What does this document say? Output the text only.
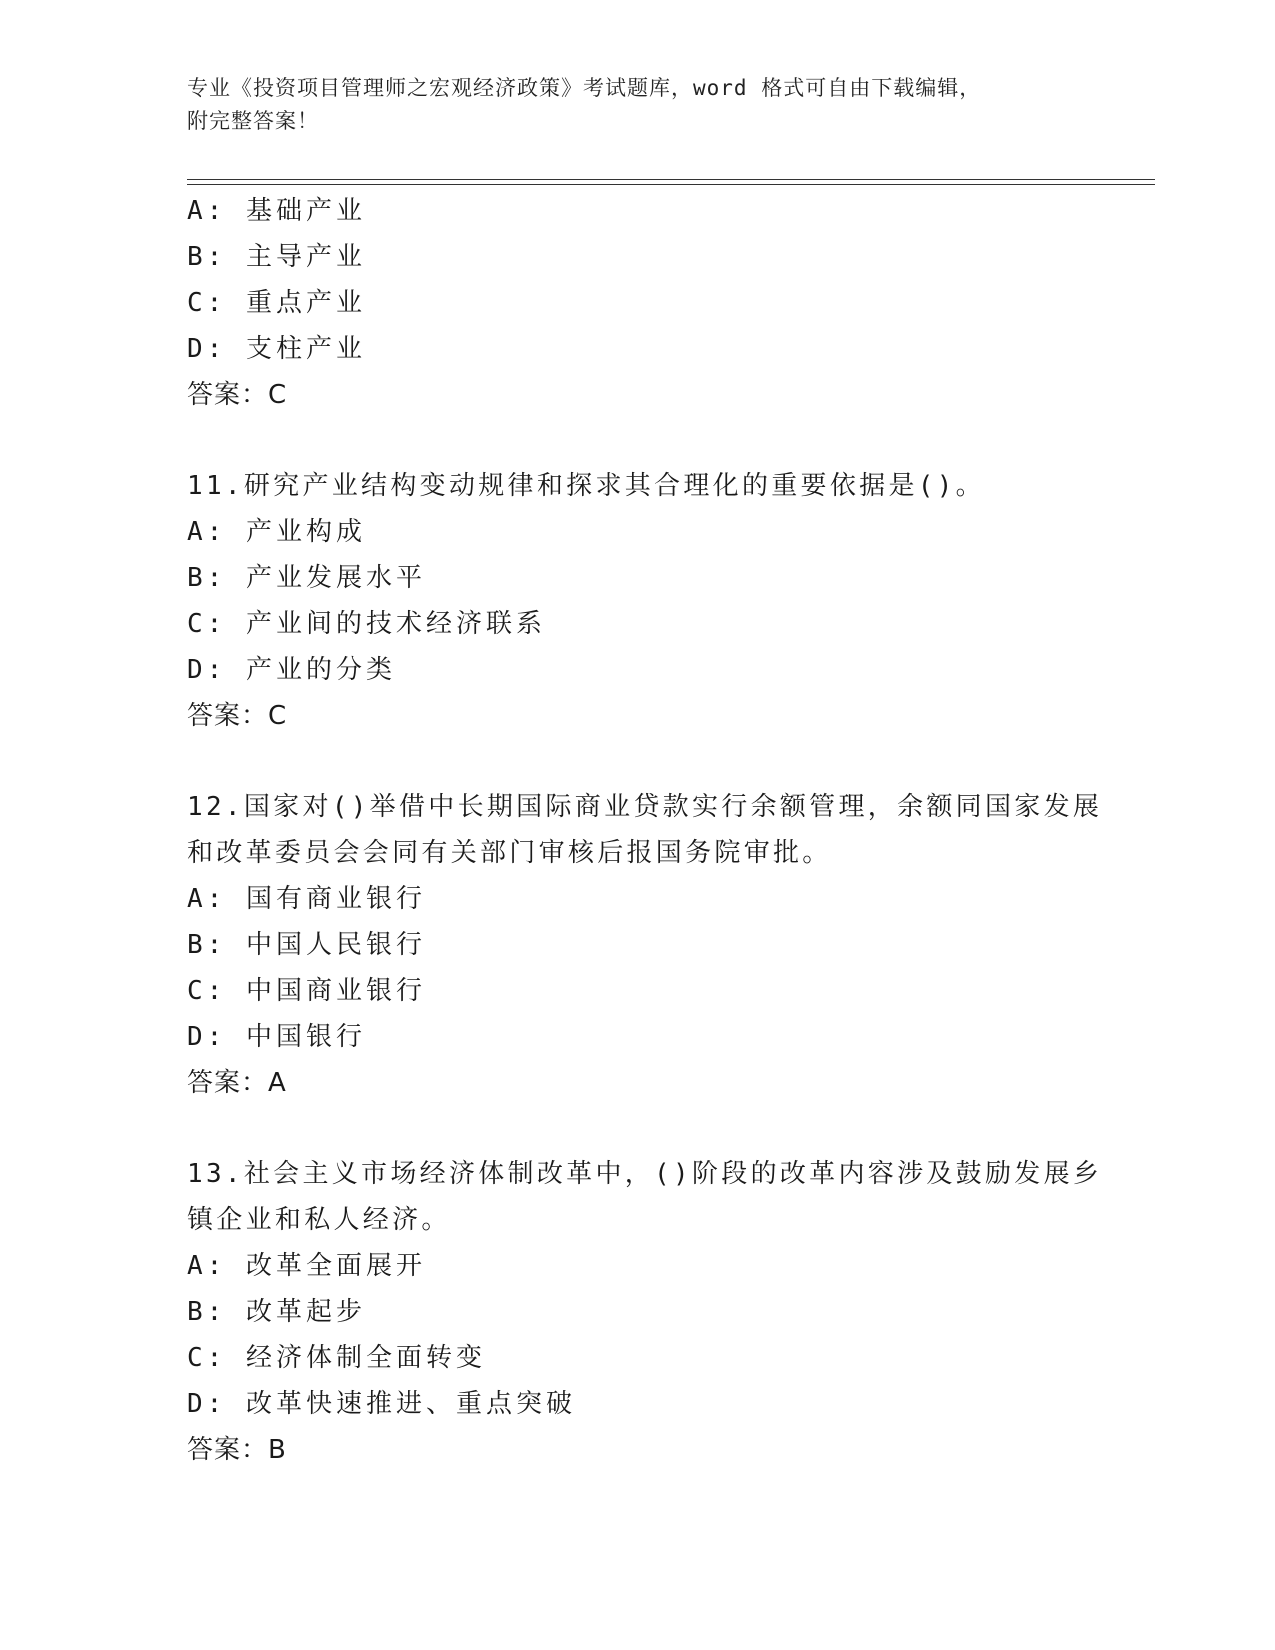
专业《投资项目管理师之宏观经济政策》考试题库，word 格式可自由下载编辑，
附完整答案！
A: 基础产业
B: 主导产业
C: 重点产业
D: 支柱产业
答案：C
11.研究产业结构变动规律和探求其合理化的重要依据是()。
A: 产业构成
B: 产业发展水平
C: 产业间的技术经济联系
D: 产业的分类
答案：C
12.国家对()举借中长期国际商业贷款实行余额管理，余额同国家发展
和改革委员会会同有关部门审核后报国务院审批。
A: 国有商业银行
B: 中国人民银行
C: 中国商业银行
D: 中国银行
答案：A
13.社会主义市场经济体制改革中，()阶段的改革内容涉及鼓励发展乡
镇企业和私人经济。
A: 改革全面展开
B: 改革起步
C: 经济体制全面转变
D: 改革快速推进、重点突破
答案：B
